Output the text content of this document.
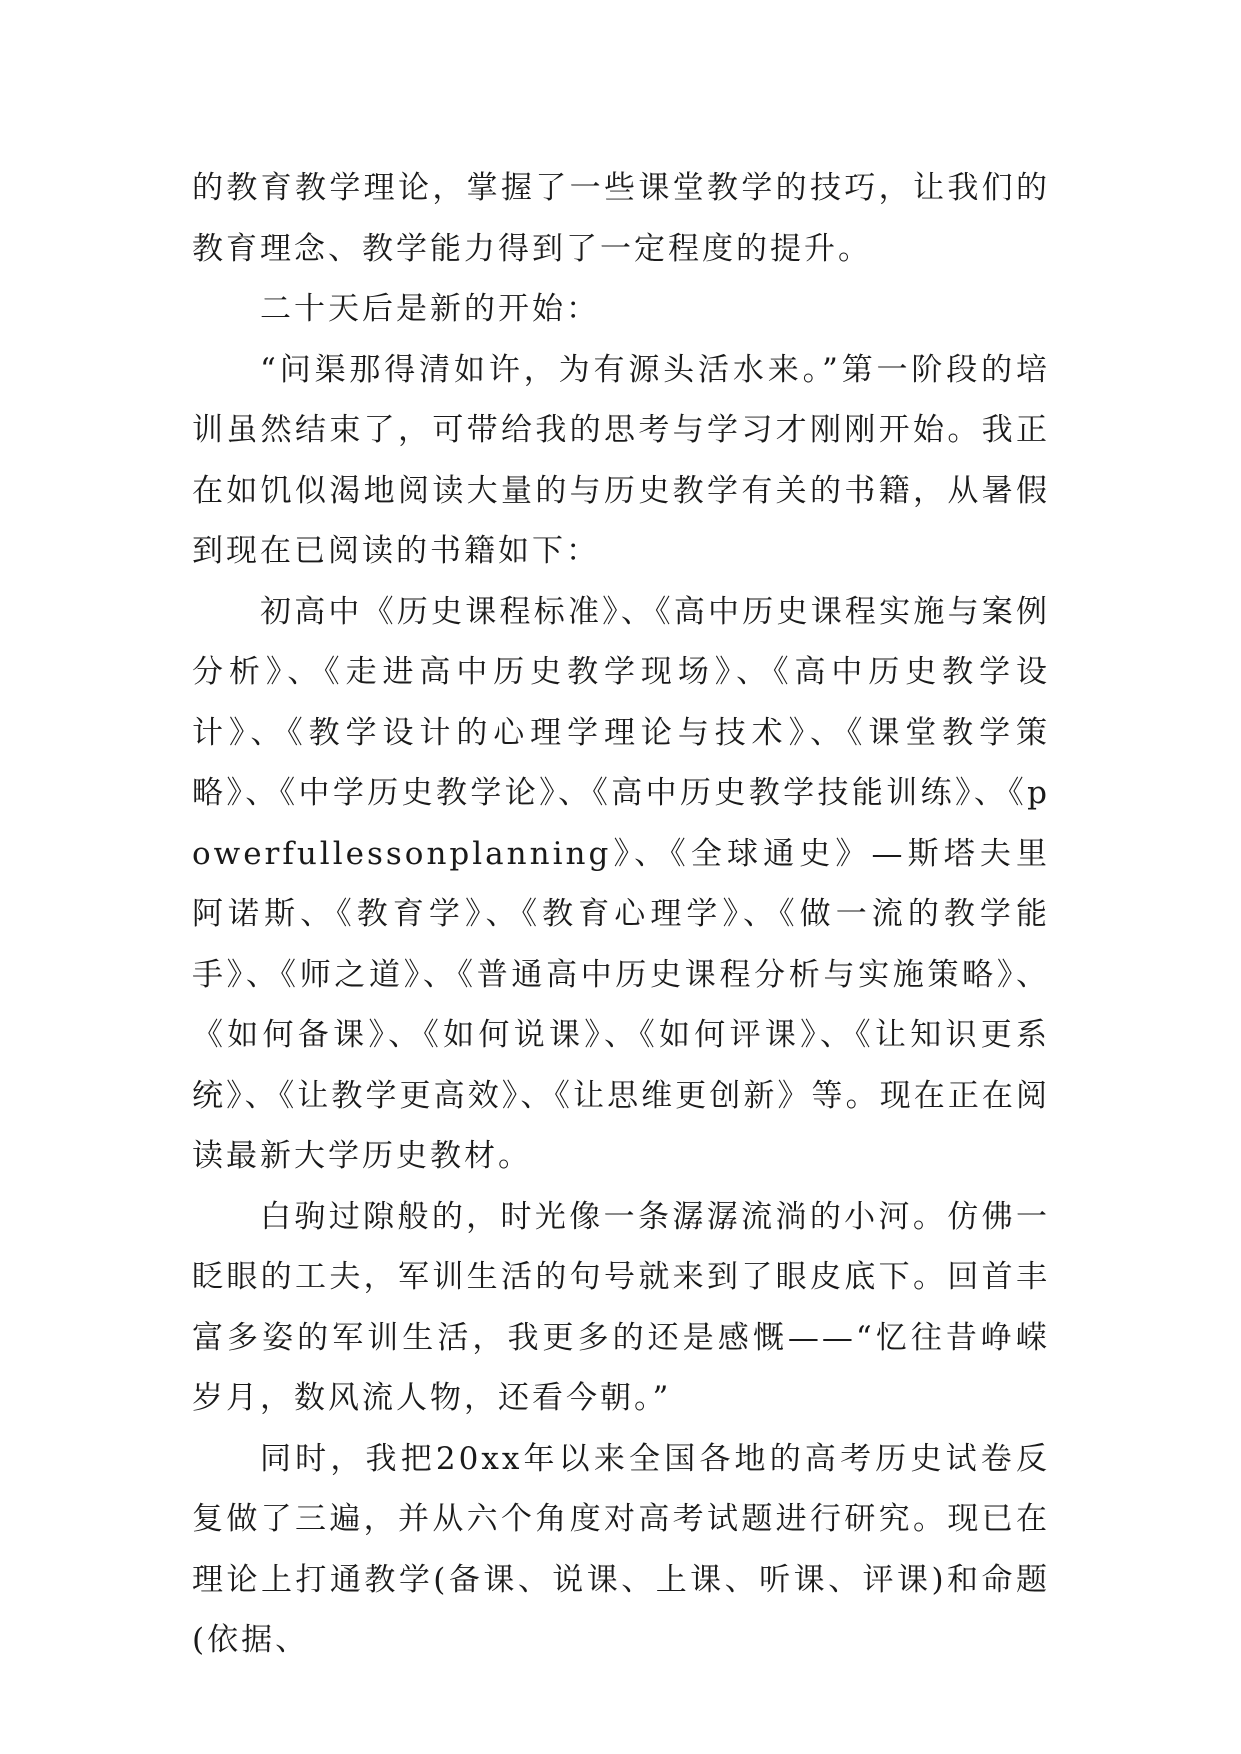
的教育教学理论，掌握了一些课堂教学的技巧，让我们的教育理念、教学能力得到了一定程度的提升。

二十天后是新的开始：

“问渠那得清如许，为有源头活水来。”第一阶段的培训虽然结束了，可带给我的思考与学习才刚刚开始。我正在如饥似渴地阅读大量的与历史教学有关的书籍，从暑假到现在已阅读的书籍如下：

初高中《历史课程标准》、《高中历史课程实施与案例分析》、《走进高中历史教学现场》、《高中历史教学设计》、《教学设计的心理学理论与技术》、《课堂教学策略》、《中学历史教学论》、《高中历史教学技能训练》、《powerfullessonplanning》、《全球通史》—斯塔夫里阿诺斯、《教育学》、《教育心理学》、《做一流的教学能手》、《师之道》、《普通高中历史课程分析与实施策略》、《如何备课》、《如何说课》、《如何评课》、《让知识更系统》、《让教学更高效》、《让思维更创新》等。现在正在阅读最新大学历史教材。

白驹过隙般的，时光像一条潺潺流淌的小河。仿佛一眨眼的工夫，军训生活的句号就来到了眼皮底下。回首丰富多姿的军训生活，我更多的还是感慨——“忆往昔峥嵘岁月，数风流人物，还看今朝。”

同时，我把20xx年以来全国各地的高考历史试卷反复做了三遍，并从六个角度对高考试题进行研究。现已在理论上打通教学(备课、说课、上课、听课、评课)和命题(依据、
